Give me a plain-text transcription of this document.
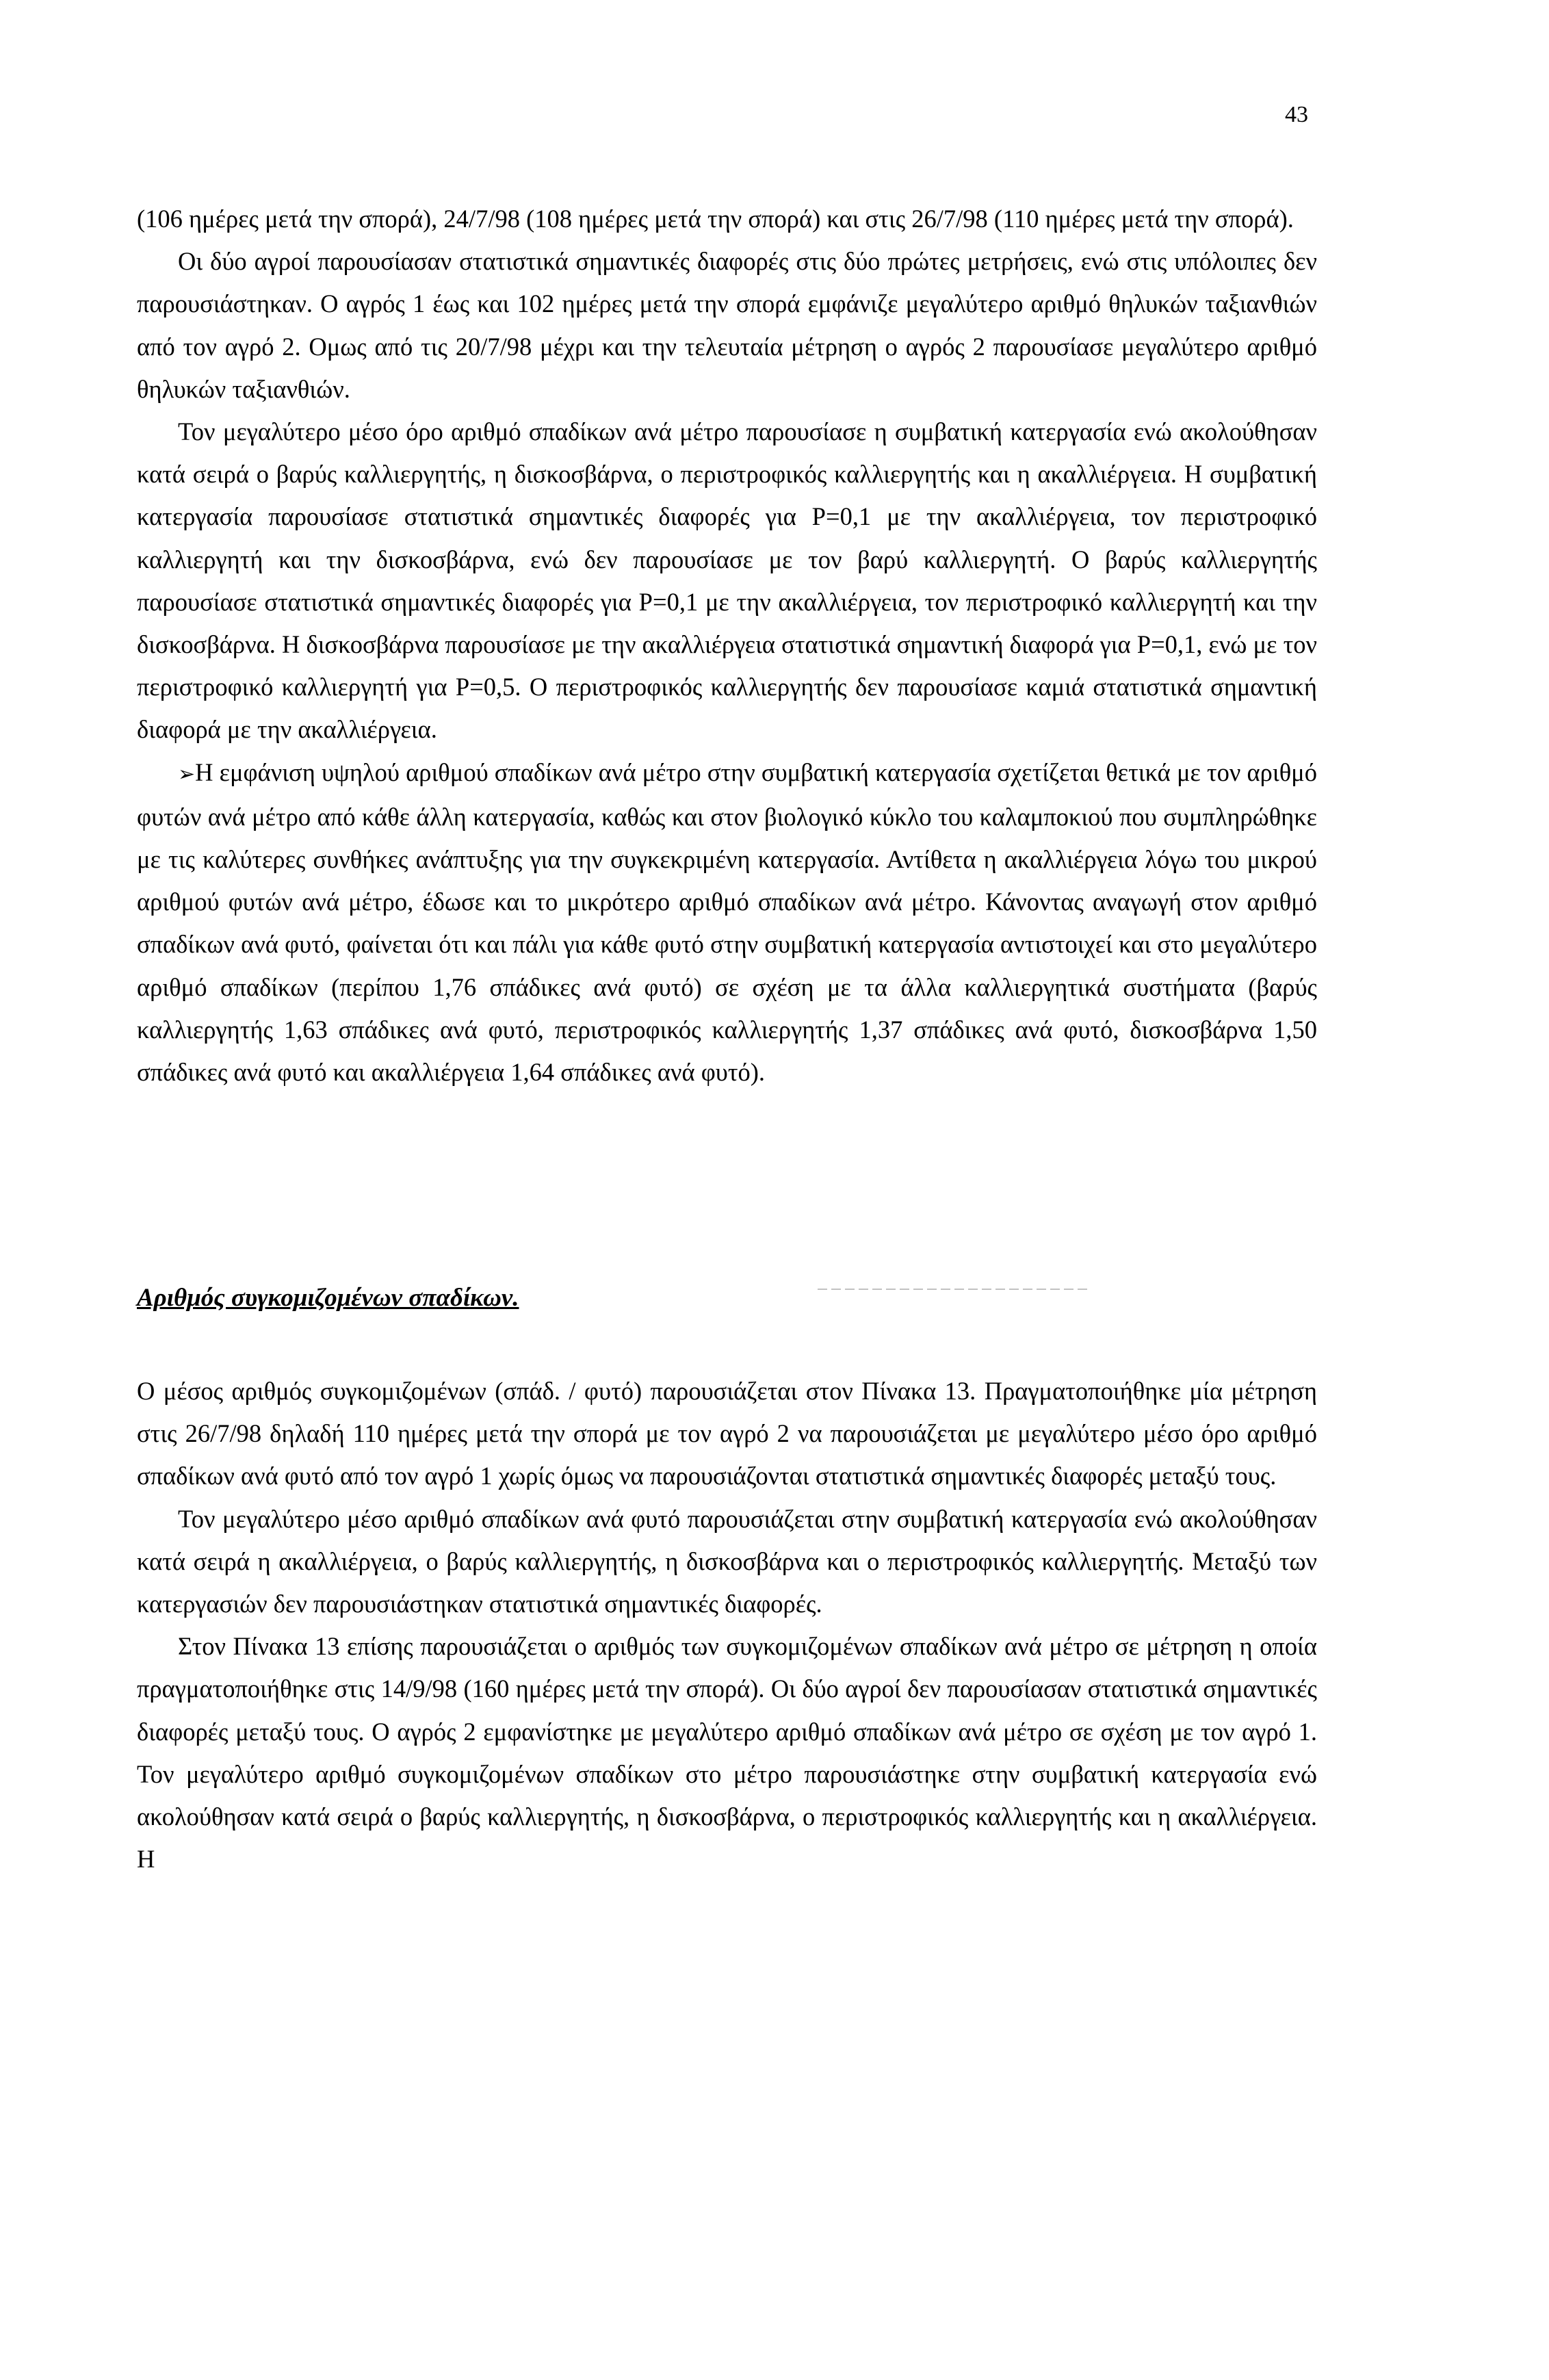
43

(106 ημέρες μετά την σπορά), 24/7/98 (108 ημέρες μετά την σπορά) και στις 26/7/98 (110 ημέρες μετά την σπορά).

Οι δύο αγροί παρουσίασαν στατιστικά σημαντικές διαφορές στις δύο πρώτες μετρήσεις, ενώ στις υπόλοιπες δεν παρουσιάστηκαν. Ο αγρός 1 έως και 102 ημέρες μετά την σπορά εμφάνιζε μεγαλύτερο αριθμό θηλυκών ταξιανθιών από τον αγρό 2. Ομως από τις 20/7/98 μέχρι και την τελευταία μέτρηση ο αγρός 2 παρουσίασε μεγαλύτερο αριθμό θηλυκών ταξιανθιών.

Τον μεγαλύτερο μέσο όρο αριθμό σπαδίκων ανά μέτρο παρουσίασε η συμβατική κατεργασία ενώ ακολούθησαν κατά σειρά ο βαρύς καλλιεργητής, η δισκοσβάρνα, ο περιστροφικός καλλιεργητής και η ακαλλιέργεια. Η συμβατική κατεργασία παρουσίασε στατιστικά σημαντικές διαφορές για P=0,1 με την ακαλλιέργεια, τον περιστροφικό καλλιεργητή και την δισκοσβάρνα, ενώ δεν παρουσίασε με τον βαρύ καλλιεργητή. Ο βαρύς καλλιεργητής παρουσίασε στατιστικά σημαντικές διαφορές για P=0,1 με την ακαλλιέργεια, τον περιστροφικό καλλιεργητή και την δισκοσβάρνα. Η δισκοσβάρνα παρουσίασε με την ακαλλιέργεια στατιστικά σημαντική διαφορά για P=0,1, ενώ με τον περιστροφικό καλλιεργητή για P=0,5. Ο περιστροφικός καλλιεργητής δεν παρουσίασε καμιά στατιστικά σημαντική διαφορά με την ακαλλιέργεια.

➢Η εμφάνιση υψηλού αριθμού σπαδίκων ανά μέτρο στην συμβατική κατεργασία σχετίζεται θετικά με τον αριθμό φυτών ανά μέτρο από κάθε άλλη κατεργασία, καθώς και στον βιολογικό κύκλο του καλαμποκιού που συμπληρώθηκε με τις καλύτερες συνθήκες ανάπτυξης για την συγκεκριμένη κατεργασία. Αντίθετα η ακαλλιέργεια λόγω του μικρού αριθμού φυτών ανά μέτρο, έδωσε και το μικρότερο αριθμό σπαδίκων ανά μέτρο. Κάνοντας αναγωγή στον αριθμό σπαδίκων ανά φυτό, φαίνεται ότι και πάλι για κάθε φυτό στην συμβατική κατεργασία αντιστοιχεί και στο μεγαλύτερο αριθμό σπαδίκων (περίπου 1,76 σπάδικες ανά φυτό) σε σχέση με τα άλλα καλλιεργητικά συστήματα (βαρύς καλλιεργητής 1,63 σπάδικες ανά φυτό, περιστροφικός καλλιεργητής 1,37 σπάδικες ανά φυτό, δισκοσβάρνα 1,50 σπάδικες ανά φυτό και ακαλλιέργεια 1,64 σπάδικες ανά φυτό).

Αριθμός συγκομιζομένων σπαδίκων.

Ο μέσος αριθμός συγκομιζομένων (σπάδ. / φυτό) παρουσιάζεται στον Πίνακα 13. Πραγματοποιήθηκε μία μέτρηση στις 26/7/98 δηλαδή 110 ημέρες μετά την σπορά με τον αγρό 2 να παρουσιάζεται με μεγαλύτερο μέσο όρο αριθμό σπαδίκων ανά φυτό από τον αγρό 1 χωρίς όμως να παρουσιάζονται στατιστικά σημαντικές διαφορές μεταξύ τους.

Τον μεγαλύτερο μέσο αριθμό σπαδίκων ανά φυτό παρουσιάζεται στην συμβατική κατεργασία ενώ ακολούθησαν κατά σειρά η ακαλλιέργεια, ο βαρύς καλλιεργητής, η δισκοσβάρνα και ο περιστροφικός καλλιεργητής. Μεταξύ των κατεργασιών δεν παρουσιάστηκαν στατιστικά σημαντικές διαφορές.

Στον Πίνακα 13 επίσης παρουσιάζεται ο αριθμός των συγκομιζομένων σπαδίκων ανά μέτρο σε μέτρηση η οποία πραγματοποιήθηκε στις 14/9/98 (160 ημέρες μετά την σπορά). Οι δύο αγροί δεν παρουσίασαν στατιστικά σημαντικές διαφορές μεταξύ τους. Ο αγρός 2 εμφανίστηκε με μεγαλύτερο αριθμό σπαδίκων ανά μέτρο σε σχέση με τον αγρό 1. Τον μεγαλύτερο αριθμό συγκομιζομένων σπαδίκων στο μέτρο παρουσιάστηκε στην συμβατική κατεργασία ενώ ακολούθησαν κατά σειρά ο βαρύς καλλιεργητής, η δισκοσβάρνα, ο περιστροφικός καλλιεργητής και η ακαλλιέργεια. Η
